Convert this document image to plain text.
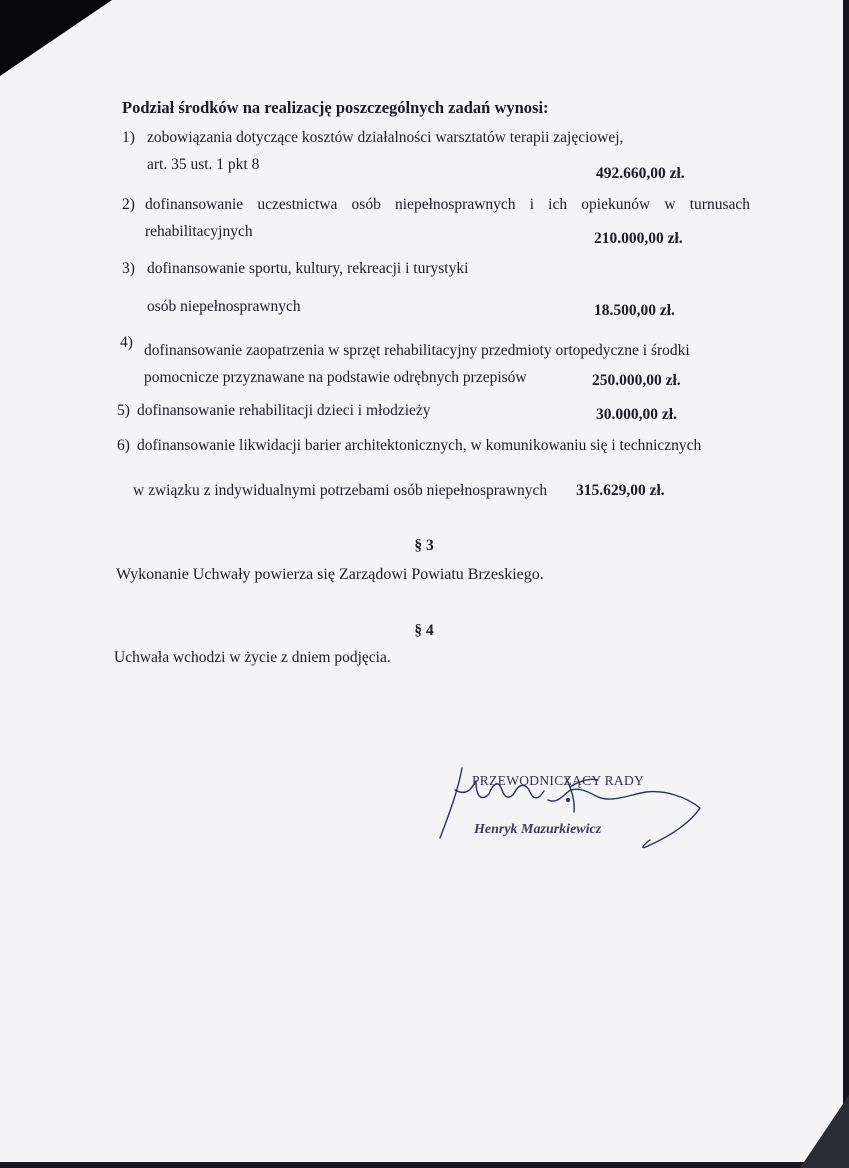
Podział środków na realizację poszczególnych zadań wynosi:
1) zobowiązania dotyczące kosztów działalności warsztatów terapii zajęciowej,
art. 35 ust. 1 pkt 8
492.660,00 zł.
2) dofinansowanie uczestnictwa osób niepełnosprawnych i ich opiekunów w turnusach
rehabilitacyjnych	210.000,00 zł.
3) dofinansowanie sportu, kultury, rekreacji i turystyki
osób niepełnosprawnych	18.500,00 zł.
4) dofinansowanie zaopatrzenia w sprzęt rehabilitacyjny przedmioty ortopedyczne i środki
pomocnicze przyznawane na podstawie odrębnych przepisów	250.000,00 zł.
5) dofinansowanie rehabilitacji dzieci i młodzieży	30.000,00 zł.
6) dofinansowanie likwidacji barier architektonicznych, w komunikowaniu się i technicznych
w związku z indywidualnymi potrzebami osób niepełnosprawnych 315.629,00 zł.
§ 3
Wykonanie Uchwały powierza się Zarządowi Powiatu Brzeskiego.
§ 4
Uchwała wchodzi w życie z dniem podjęcia.
PRZEWODNICZĄCY RADY
Henryk Mazurkiewicz
